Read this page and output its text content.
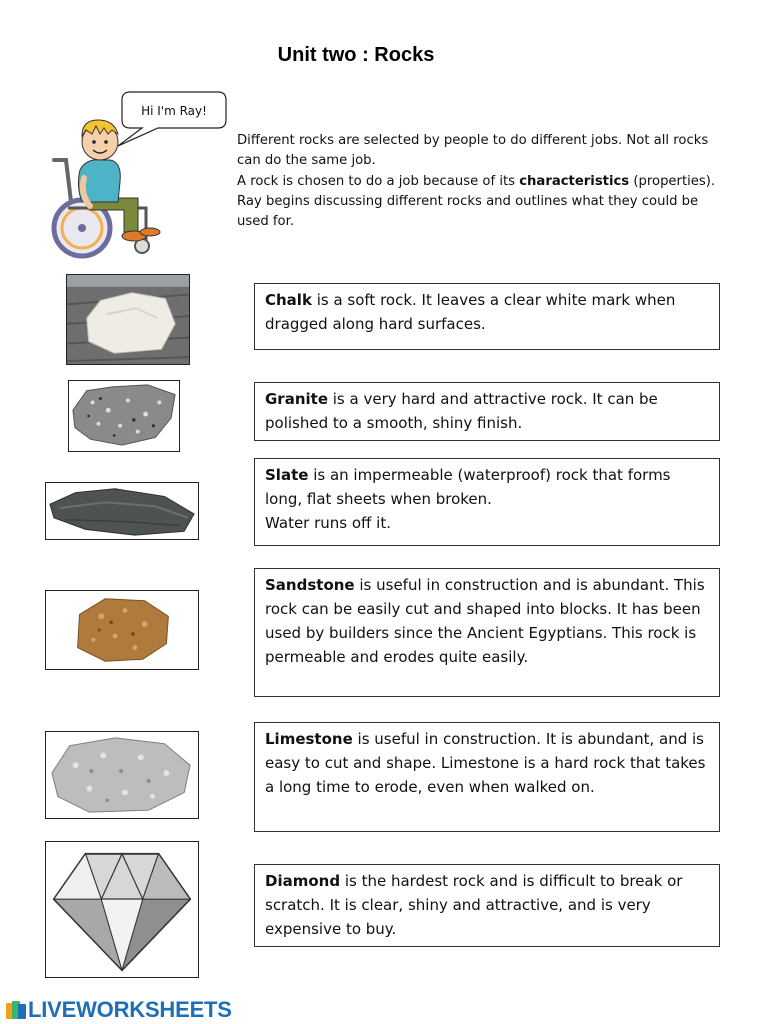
Unit two : Rocks
Hi I'm Ray!

Different rocks are selected by people to do different jobs. Not all rocks can do the same job.

A rock is chosen to do a job because of its characteristics (properties).

Ray begins discussing different rocks and outlines what they could be used for.

Chalk is a soft rock. It leaves a clear white mark when dragged along hard surfaces.

Granite is a very hard and attractive rock. It can be polished to a smooth, shiny finish.

Slate is an impermeable (waterproof) rock that forms long, flat sheets when broken.

Water runs off it.

Sandstone is useful in construction and is abundant. This rock can be easily cut and shaped into blocks. It has been used by builders since the Ancient Egyptians. This rock is permeable and erodes quite easily.

Limestone is useful in construction. It is abundant, and is easy to cut and shape. Limestone is a hard rock that takes a long time to erode, even when walked on.

Diamond is the hardest rock and is difficult to break or scratch. It is clear, shiny and attractive, and is very expensive to buy.

LIVEWORKSHEETS
